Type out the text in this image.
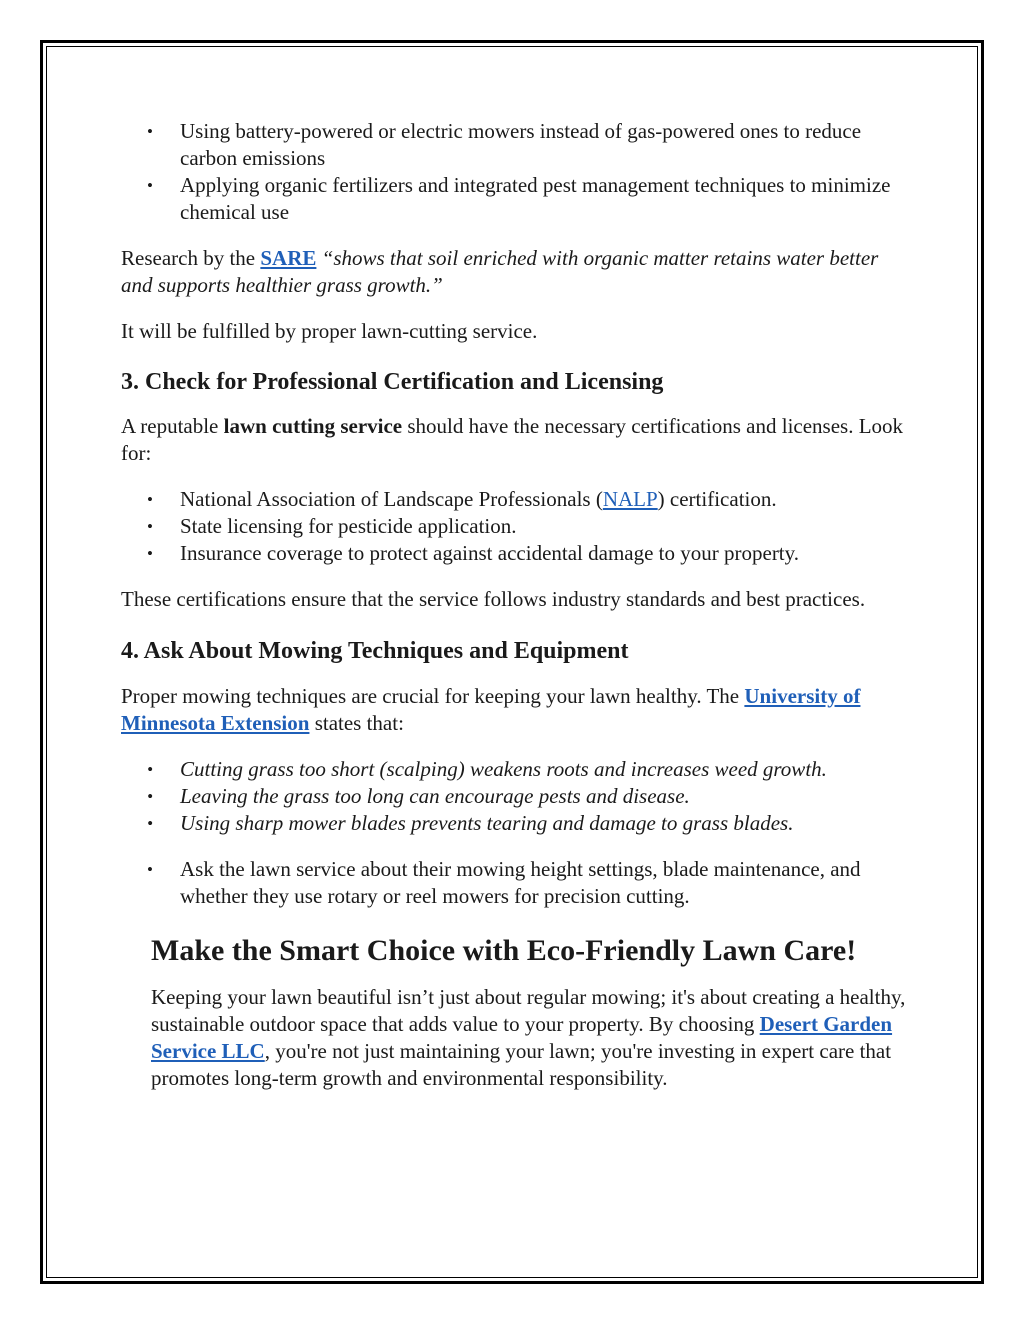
• Using battery-powered or electric mowers instead of gas-powered ones to reduce carbon emissions
• Applying organic fertilizers and integrated pest management techniques to minimize chemical use

Research by the SARE “shows that soil enriched with organic matter retains water better and supports healthier grass growth.”

It will be fulfilled by proper lawn-cutting service.

3. Check for Professional Certification and Licensing

A reputable lawn cutting service should have the necessary certifications and licenses. Look for:

• National Association of Landscape Professionals (NALP) certification.
• State licensing for pesticide application.
• Insurance coverage to protect against accidental damage to your property.

These certifications ensure that the service follows industry standards and best practices.

4. Ask About Mowing Techniques and Equipment

Proper mowing techniques are crucial for keeping your lawn healthy. The University of Minnesota Extension states that:

• Cutting grass too short (scalping) weakens roots and increases weed growth.
• Leaving the grass too long can encourage pests and disease.
• Using sharp mower blades prevents tearing and damage to grass blades.
• Ask the lawn service about their mowing height settings, blade maintenance, and whether they use rotary or reel mowers for precision cutting.
Make the Smart Choice with Eco-Friendly Lawn Care!

Keeping your lawn beautiful isn’t just about regular mowing; it's about creating a healthy, sustainable outdoor space that adds value to your property. By choosing Desert Garden Service LLC, you're not just maintaining your lawn; you're investing in expert care that promotes long-term growth and environmental responsibility.
